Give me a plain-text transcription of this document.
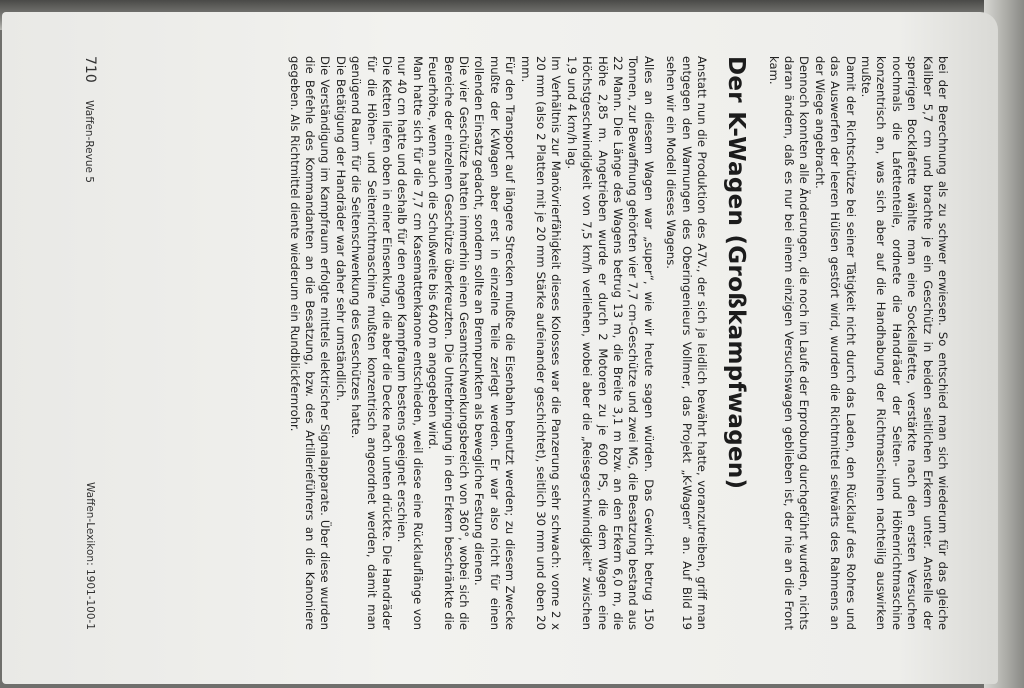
bei der Berechnung als zu schwer erwiesen. So entschied man sich wiederum für das gleiche Kaliber 5,7 cm und brachte je ein Geschütz in beiden seitlichen Erkern unter. Anstelle der sperrigen Bocklafette wählte man eine Sockellafette, verstärkte nach den ersten Versuchen nochmals die Lafettenteile, ordnete die Handräder der Seiten- und Höhenrichtmaschine konzentrisch an, was sich aber auf die Handhabung der Richtmaschinen nachteilig auswirken mußte.

Damit der Richtschütze bei seiner Tätigkeit nicht durch das Laden, den Rücklauf des Rohres und das Auswerfen der leeren Hülsen gestört wird, wurden die Richtmittel seitwärts des Rahmens an der Wiege angebracht.

Dennoch konnten alle Änderungen, die noch im Laufe der Erprobung durchgeführt wurden, nichts daran ändern, daß es nur bei einem einzigen Versuchswagen geblieben ist, der nie an die Front kam.

Der K-Wagen (Großkampfwagen)

Anstatt nun die Produktion des A7V., der sich ja leidlich bewährt hatte, voranzutreiben, griff man entgegen den Warnungen des Oberingenieurs Vollmer, das Projekt „K-Wagen“ an. Auf Bild 19 sehen wir ein Modell dieses Wagens.

Alles an diesem Wagen war „super“, wie wir heute sagen würden. Das Gewicht betrug 150 Tonnen, zur Bewaffnung gehörten vier 7,7 cm-Geschütze und zwei MG, die Besatzung bestand aus 22 Mann. Die Länge des Wagens betrug 13 m, die Breite 3,1 m bzw. an den Erkern 6,0 m, die Höhe 2,85 m. Angetrieben wurde er durch 2 Motoren zu je 600 PS, die dem Wagen eine Höchstgeschwindigkeit von 7,5 km/h verliehen, wobei aber die „Reisegeschwindigkeit“ zwischen 1,9 und 4 km/h lag.

Im Verhältnis zur Manövrierfähigkeit dieses Kolosses war die Panzerung sehr schwach: vorne 2 x 20 mm (also 2 Platten mit je 20 mm Stärke aufeinander geschichtet), seitlich 30 mm und oben 20 mm.

Für den Transport auf längere Strecken mußte die Eisenbahn benutzt werden; zu diesem Zwecke mußte der K-Wagen aber erst in einzelne Teile zerlegt werden. Er war also nicht für einen rollenden Einsatz gedacht, sondern sollte an Brennpunkten als bewegliche Festung dienen.

Die vier Geschütze hatten immerhin einen Gesamtschwenkungsbereich von 360°, wobei sich die Bereiche der einzelnen Geschütze überkreuzten. Die Unterbringung in den Erkern beschränkte die Feuerhöhe, wenn auch die Schußweite bis 6400 m angegeben wird.

Man hatte sich für die 7,7 cm Kasemattenkanone entschieden, weil diese eine Rücklauflänge von nur 40 cm hatte und deshalb für den engen Kampfraum bestens geeignet erschien.

Die Ketten liefen oben in einer Einsenkung, die aber die Decke nach unten drückte. Die Handräder für die Höhen- und Seitenrichtmaschine mußten konzentrisch angeordnet werden, damit man genügend Raum für die Seitenschwenkung des Geschützes hatte.

Die Betätigung der Handräder war daher sehr umständlich.

Die Verständigung im Kampfraum erfolgte mittels elektrischer Signalapparate. Über diese wurden die Befehle des Kommandanten an die Besatzung, bzw. des Artillerieführers an die Kanoniere gegeben. Als Richtmittel diente wiederum ein Rundblickfernrohr.

710 Waffen-Revue 5
Waffen-Lexikon: 1901-100-1
